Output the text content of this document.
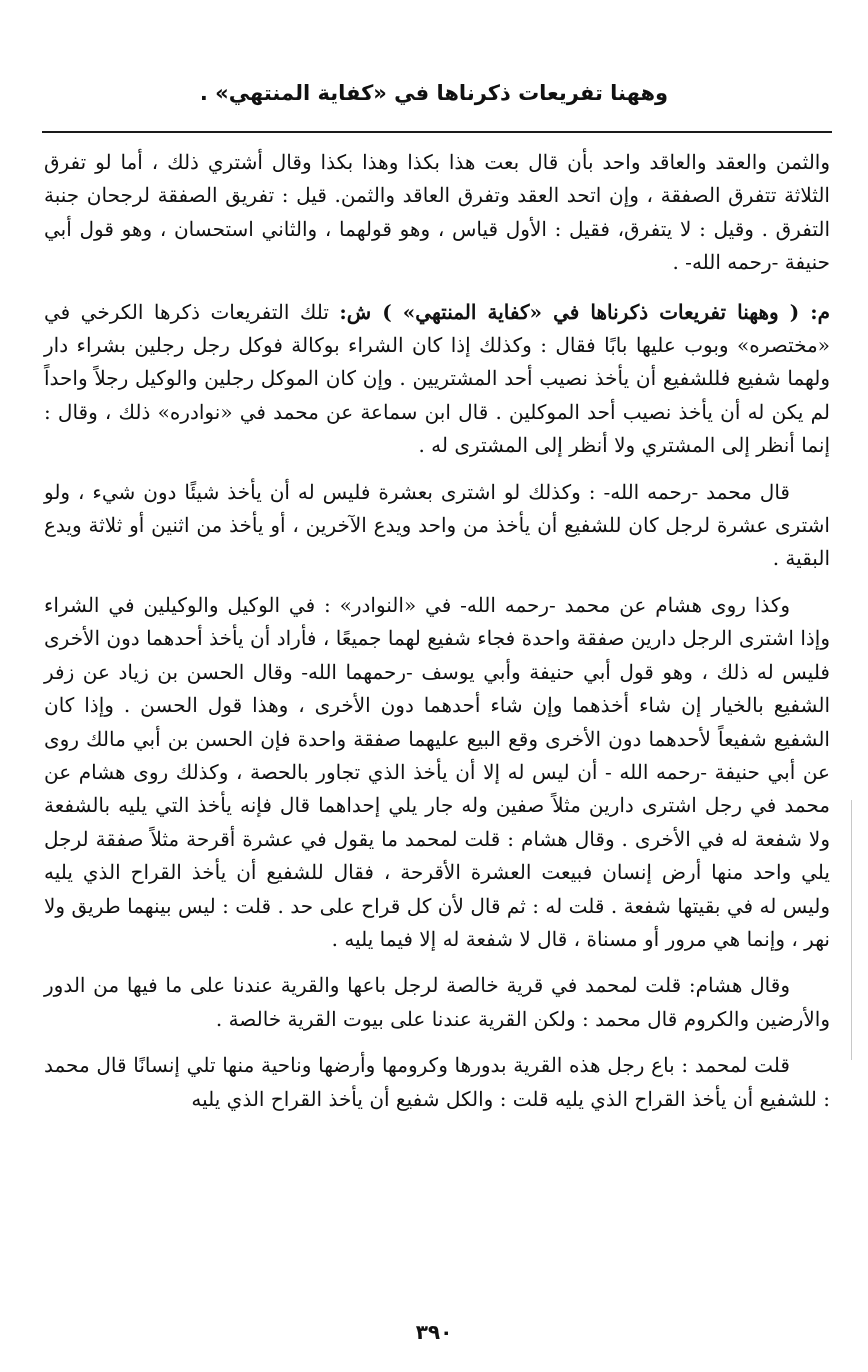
وههنا تفريعات ذكرناها في «كفاية المنتهي» .

والثمن والعقد والعاقد واحد بأن قال بعت هذا بكذا وهذا بكذا وقال أشتري ذلك ، أما لو تفرق الثلاثة تتفرق الصفقة ، وإن اتحد العقد وتفرق العاقد والثمن. قيل : تفريق الصفقة لرجحان جنبة التفرق . وقيل : لا يتفرق، فقيل : الأول قياس ، وهو قولهما ، والثاني استحسان ، وهو قول أبي حنيفة -رحمه الله- .

م: ( وههنا تفريعات ذكرناها في «كفاية المنتهي» ) ش: تلك التفريعات ذكرها الكرخي في «مختصره» وبوب عليها بابًا فقال : وكذلك إذا كان الشراء بوكالة فوكل رجل رجلين بشراء دار ولهما شفيع فللشفيع أن يأخذ نصيب أحد المشتريين . وإن كان الموكل رجلين والوكيل رجلاً واحداً لم يكن له أن يأخذ نصيب أحد الموكلين . قال ابن سماعة عن محمد في «نوادره» ذلك ، وقال : إنما أنظر إلى المشتري ولا أنظر إلى المشترى له .

قال محمد -رحمه الله- : وكذلك لو اشترى بعشرة فليس له أن يأخذ شيئًا دون شيء ، ولو اشترى عشرة لرجل كان للشفيع أن يأخذ من واحد ويدع الآخرين ، أو يأخذ من اثنين أو ثلاثة ويدع البقية .

وكذا روى هشام عن محمد -رحمه الله- في «النوادر» : في الوكيل والوكيلين في الشراء وإذا اشترى الرجل دارين صفقة واحدة فجاء شفيع لهما جميعًا ، فأراد أن يأخذ أحدهما دون الأخرى فليس له ذلك ، وهو قول أبي حنيفة وأبي يوسف -رحمهما الله- وقال الحسن بن زياد عن زفر الشفيع بالخيار إن شاء أخذهما وإن شاء أحدهما دون الأخرى ، وهذا قول الحسن . وإذا كان الشفيع شفيعاً لأحدهما دون الأخرى وقع البيع عليهما صفقة واحدة فإن الحسن بن أبي مالك روى عن أبي حنيفة -رحمه الله - أن ليس له إلا أن يأخذ الذي تجاور بالحصة ، وكذلك روى هشام عن محمد في رجل اشترى دارين مثلاً صفين وله جار يلي إحداهما قال فإنه يأخذ التي يليه بالشفعة ولا شفعة له في الأخرى . وقال هشام : قلت لمحمد ما يقول في عشرة أقرحة مثلاً صفقة لرجل يلي واحد منها أرض إنسان فبيعت العشرة الأقرحة ، فقال للشفيع أن يأخذ القراح الذي يليه وليس له في بقيتها شفعة . قلت له : ثم قال لأن كل قراح على حد . قلت : ليس بينهما طريق ولا نهر ، وإنما هي مرور أو مسناة ، قال لا شفعة له إلا فيما يليه .

وقال هشام: قلت لمحمد في قرية خالصة لرجل باعها والقرية عندنا على ما فيها من الدور والأرضين والكروم قال محمد : ولكن القرية عندنا على بيوت القرية خالصة .

قلت لمحمد : باع رجل هذه القرية بدورها وكرومها وأرضها وناحية منها تلي إنسانًا قال محمد : للشفيع أن يأخذ القراح الذي يليه قلت : والكل شفيع أن يأخذ القراح الذي يليه

٣٩٠
